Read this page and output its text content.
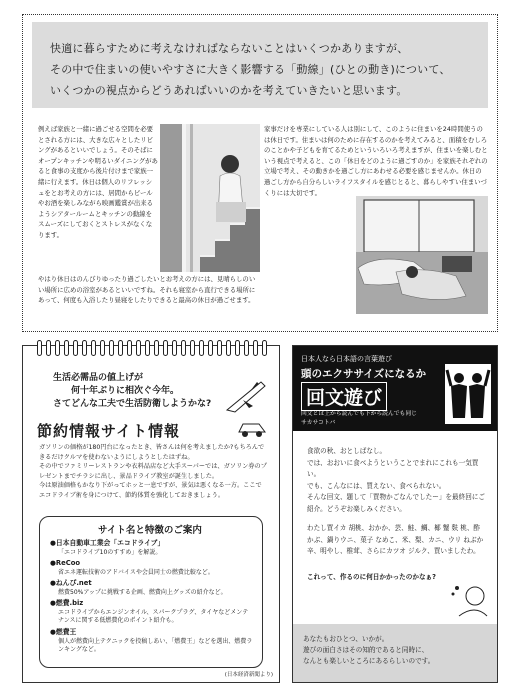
快適に暮らすために考えなければならないことはいくつかありますが、
その中で住まいの使いやすさに大きく影響する「動線」(ひとの動き)について、
いくつかの視点からどうあればいいのかを考えていきたいと思います。

例えば家族と一緒に過ごせる空間を必要とされる方には、大きな広々としたリビングがあるといいでしょう。そのそばにオープンキッチンや明るいダイニングがあると食事の支度から後片付けまで家族一緒に行えます。休日は個人のリフレッシュをとお考えの方には、居間からビールやお酒を楽しみながら映画鑑賞が出来るようシアタールームとキッチンの動線をスムーズにしておくとストレスがなくなります。

やはり休日はのんびりゆったり過ごしたいとお考えの方には、見晴らしのいい場所に広めの浴室があるといいですね。それも寝室から直行できる場所にあって、何度も入浴したり昼寝をしたりできると最高の休日が過ごせます。

家事だけを専業にしている人は別にして、このように住まいを24時間使うのは休日です。住まいは何のために存在するのかを考えてみると、面積をむしろのことかや子どもを育てるためといういろいろ考えますが、住まいを楽しむという視点で考えると、この「休日をどのように過ごすのか」を家族それぞれの立場で考え、その動きかを過ごし方にあわせる必要を感じませんか。休日の過ごし方から自分らしいライフスタイルを感じとると、暮らしやすい住まいづくりには大切です。

生活必需品の値上げが
何十年ぶりに相次ぐ今年。
さてどんな工夫で生活防衛しようかな?
節約情報サイト情報

ガソリンの価格が180円台になったとき、皆さんは何を考えましたか?もちろんできるだけクルマを使わないようにしようとしたはずね。

その中でファミリーレストランや衣料品店など大手スーパーでは、ガソリン券のプレゼントまでチラシに出し、景品ドライブ教室が誕生しました。

今は原油価格もかなり下がってホッと一息ですが、景気は悪くなる一方。ここでエコドライブ術を身につけて、節約体質を強化しておきましょう。

サイト名と特徴のご案内
●日本自動車工業会「エコドライブ」
「エコドライブ10のすすめ」を解説。
●ReCoo
省エネ運転技術のアドバイスや会員同士の燃費比較など。
●ねんぴ.net
燃費50%アップに挑戦する企画、燃費向上グッズの紹介など。
●燃費.biz
エコドライブからエンジンオイル、スパークプラグ、タイヤなどメンテナンスに関する低燃費化のポイント紹介も。
●燃費王
個人が燃費向上テクニックを投稿しあい、「燃費王」などを選出、燃費ランキングなど。
(日本経済新聞より)
日本人なら日本語の言葉遊び
頭のエクササイズになるか
回文遊び
回文とは上から読んでも下から読んでも同じ
サカサコトバ

食欲の秋、おとしばなし。

では、おおいに食べようということでまれにこれも一気買い。

でも、こんなには、買えない、食べられない。

そんな回文、題して「買物かごなんでしたー」を最終回にご紹介。どうぞお楽しみください。

わたし買イカ 胡桃、おかか、芸、鮭、鯛、椰 蟹 麩 桃、酢

かぶ、鍋りウニ、菓子 なめこ、米、梨、カニ、ウリ ねぶか

辛、明やし、椎茸、さらにカツオ ジルク、買いましたわ。

これって、作るのに何日かかったのかなぁ?

あなたもおひとつ、いかが。
遊びの面白さはその知的であると同時に、
なんとも楽しいところにあるらしいのです。
